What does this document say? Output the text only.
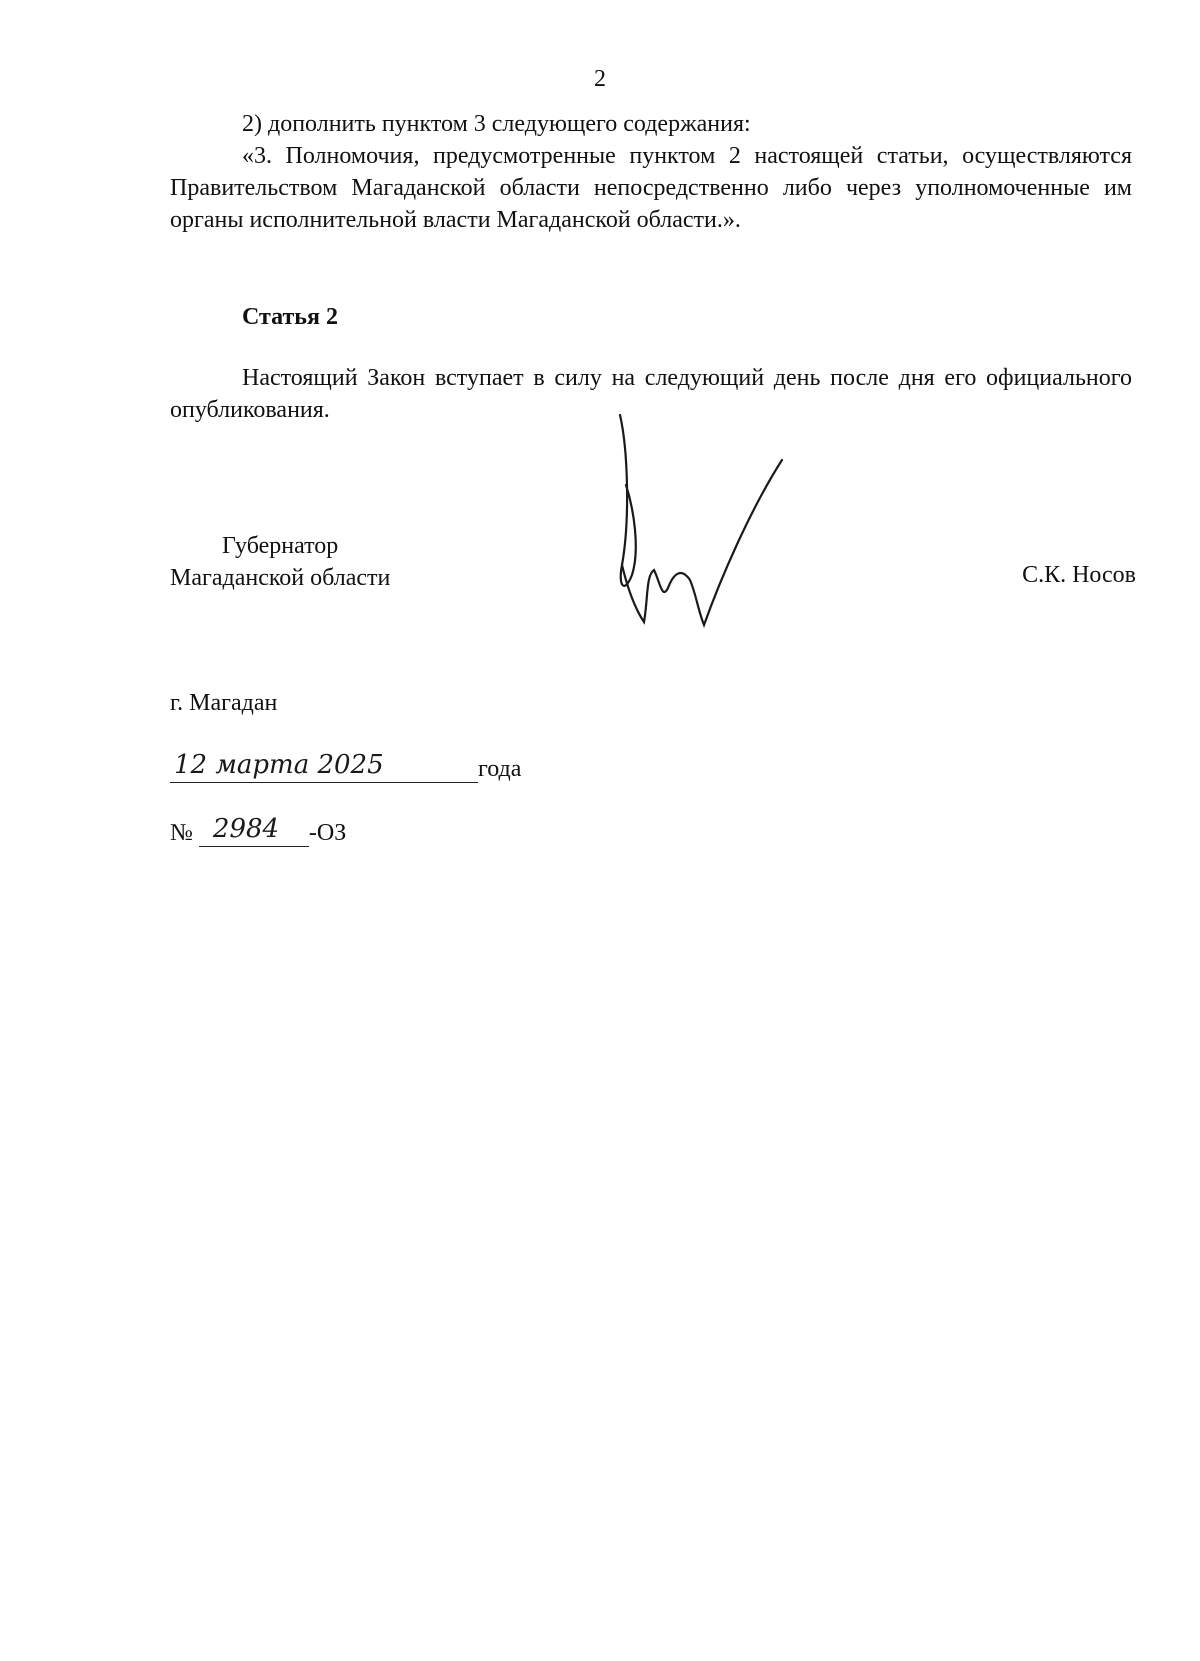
2

2) дополнить пунктом 3 следующего содержания:

«3. Полномочия, предусмотренные пунктом 2 настоящей статьи, осуществляются Правительством Магаданской области непосредственно либо через уполномоченные им органы исполнительной власти Магаданской области.».

Статья 2

Настоящий Закон вступает в силу на следующий день после дня его официального опубликования.

Губернатор
Магаданской области	С.К. Носов
г. Магадан
12 марта 2025	года
№ 2984 -ОЗ
